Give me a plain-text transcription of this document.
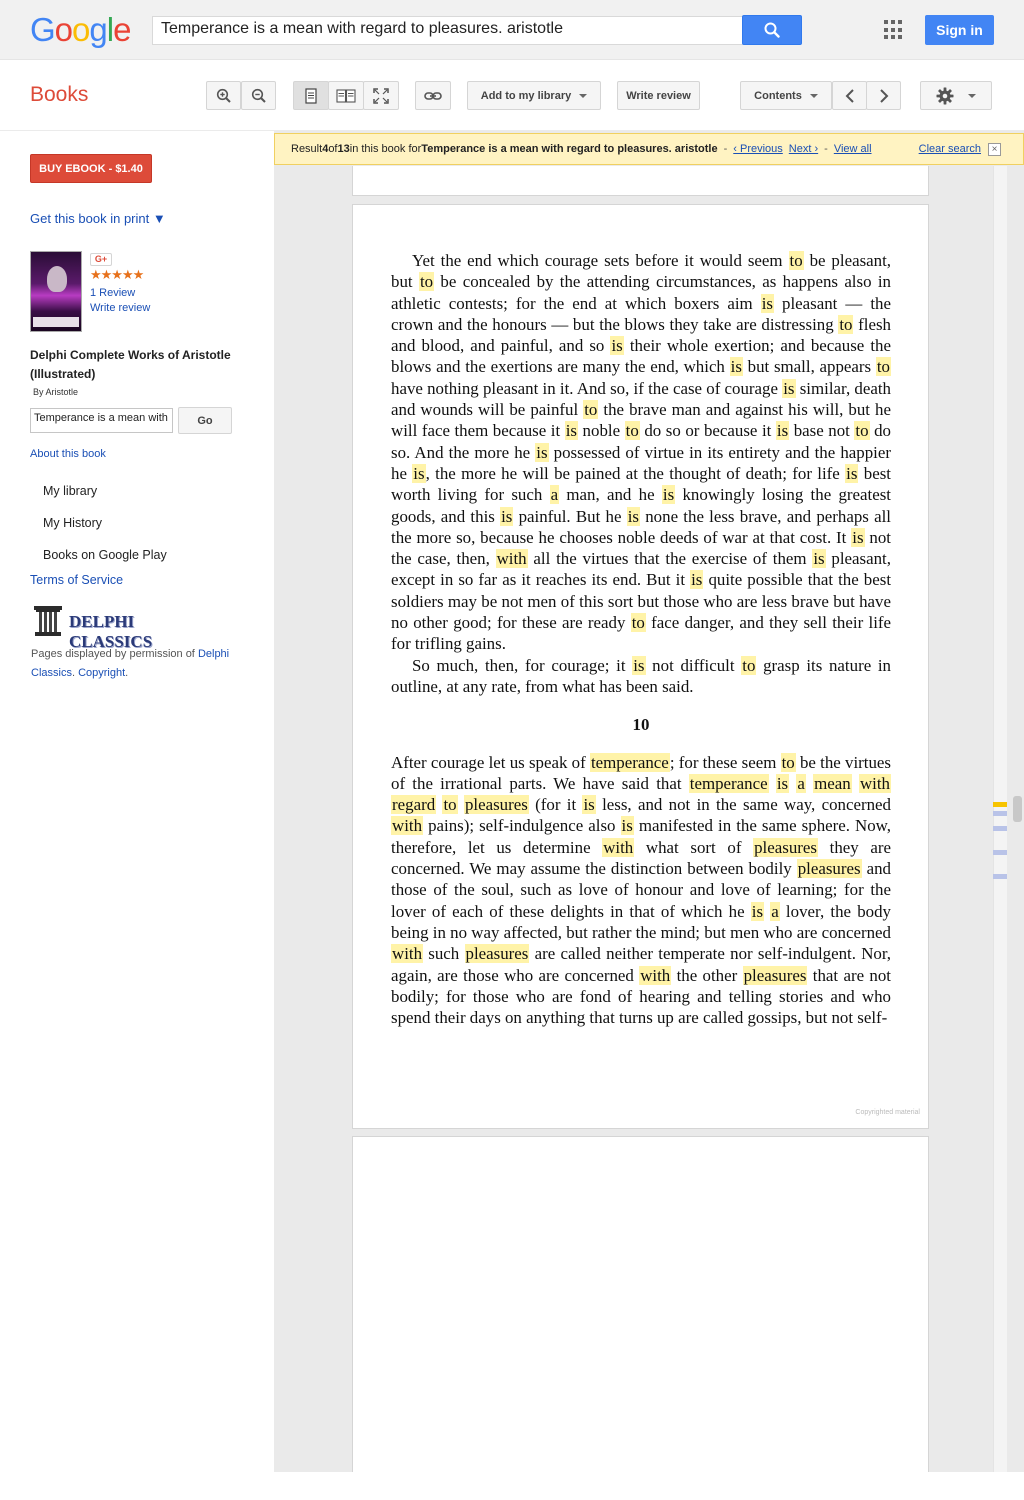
Google	Temperance is a mean with regard to pleasures. aristotle	Sign in
Books	Add to my library	Write review	Contents
BUY EBOOK - $1.40
Get this book in print ▼
G+
★★★★★
1 Review
Write review
Delphi Complete Works of Aristotle (Illustrated)
By Aristotle
Temperance is a mean with	Go
About this book
My library
My History
Books on Google Play
Terms of Service
DELPHI CLASSICS
Pages displayed by permission of Delphi Classics. Copyright.

Yet the end which courage sets before it would seem to be pleasant, but to be concealed by the attending circumstances, as happens also in athletic contests; for the end at which boxers aim is pleasant — the crown and the honours — but the blows they take are distressing to flesh and blood, and painful, and so is their whole exertion; and because the blows and the exertions are many the end, which is but small, appears to have nothing pleasant in it. And so, if the case of courage is similar, death and wounds will be painful to the brave man and against his will, but he will face them because it is noble to do so or because it is base not to do so. And the more he is possessed of virtue in its entirety and the happier he is, the more he will be pained at the thought of death; for life is best worth living for such a man, and he is knowingly losing the greatest goods, and this is painful. But he is none the less brave, and perhaps all the more so, because he chooses noble deeds of war at that cost. It is not the case, then, with all the virtues that the exercise of them is pleasant, except in so far as it reaches its end. But it is quite possible that the best soldiers may be not men of this sort but those who are less brave but have no other good; for these are ready to face danger, and they sell their life for trifling gains.

So much, then, for courage; it is not difficult to grasp its nature in outline, at any rate, from what has been said.

10

After courage let us speak of temperance; for these seem to be the virtues of the irrational parts. We have said that temperance is a mean with regard to pleasures (for it is less, and not in the same way, concerned with pains); self-indulgence also is manifested in the same sphere. Now, therefore, let us determine with what sort of pleasures they are concerned. We may assume the distinction between bodily pleasures and those of the soul, such as love of honour and love of learning; for the lover of each of these delights in that of which he is a lover, the body being in no way affected, but rather the mind; but men who are concerned with such pleasures are called neither temperate nor self-indulgent. Nor, again, are those who are concerned with the other pleasures that are not bodily; for those who are fond of hearing and telling stories and who spend their days on anything that turns up are called gossips, but not self-

Copyrighted material
Result 4 of 13 in this book for Temperance is a mean with regard to pleasures. aristotle - ‹ Previous Next › - View all	Clear search	×
